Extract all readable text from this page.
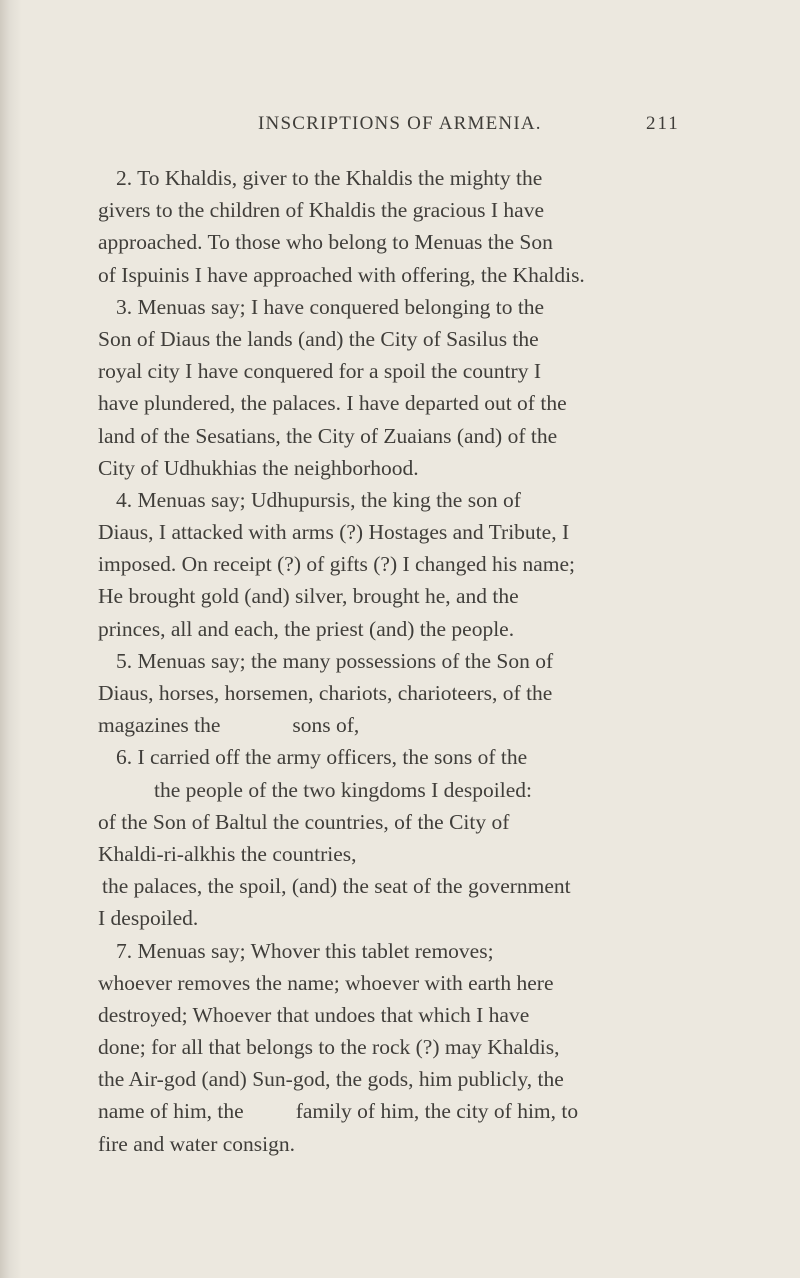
INSCRIPTIONS OF ARMENIA.	211
2. To Khaldis, giver to the Khaldis the mighty the
givers to the children of Khaldis the gracious I have
approached. To those who belong to Menuas the Son
of Ispuinis I have approached with offering, the Khaldis.
3. Menuas say; I have conquered belonging to the
Son of Diaus the lands (and) the City of Sasilus the
royal city I have conquered for a spoil the country I
have plundered, the palaces. I have departed out of the
land of the Sesatians, the City of Zuaians (and) of the
City of Udhukhias the neighborhood.
4. Menuas say; Udhupursis, the king the son of
Diaus, I attacked with arms (?) Hostages and Tribute, I
imposed. On receipt (?) of gifts (?) I changed his name;
He brought gold (and) silver, brought he, and the
princes, all and each, the priest (and) the people.
5. Menuas say; the many possessions of the Son of
Diaus, horses, horsemen, chariots, charioteers, of the
magazines the	sons of,
6. I carried off the army officers, the sons of the
the people of the two kingdoms I despoiled:
of the Son of Baltul the countries, of the City of
Khaldi-ri-alkhis the countries,
the palaces, the spoil, (and) the seat of the government
I despoiled.
7. Menuas say; Whover this tablet removes;
whoever removes the name; whoever with earth here
destroyed; Whoever that undoes that which I have
done; for all that belongs to the rock (?) may Khaldis,
the Air-god (and) Sun-god, the gods, him publicly, the
name of him, the family of him, the city of him, to
fire and water consign.
